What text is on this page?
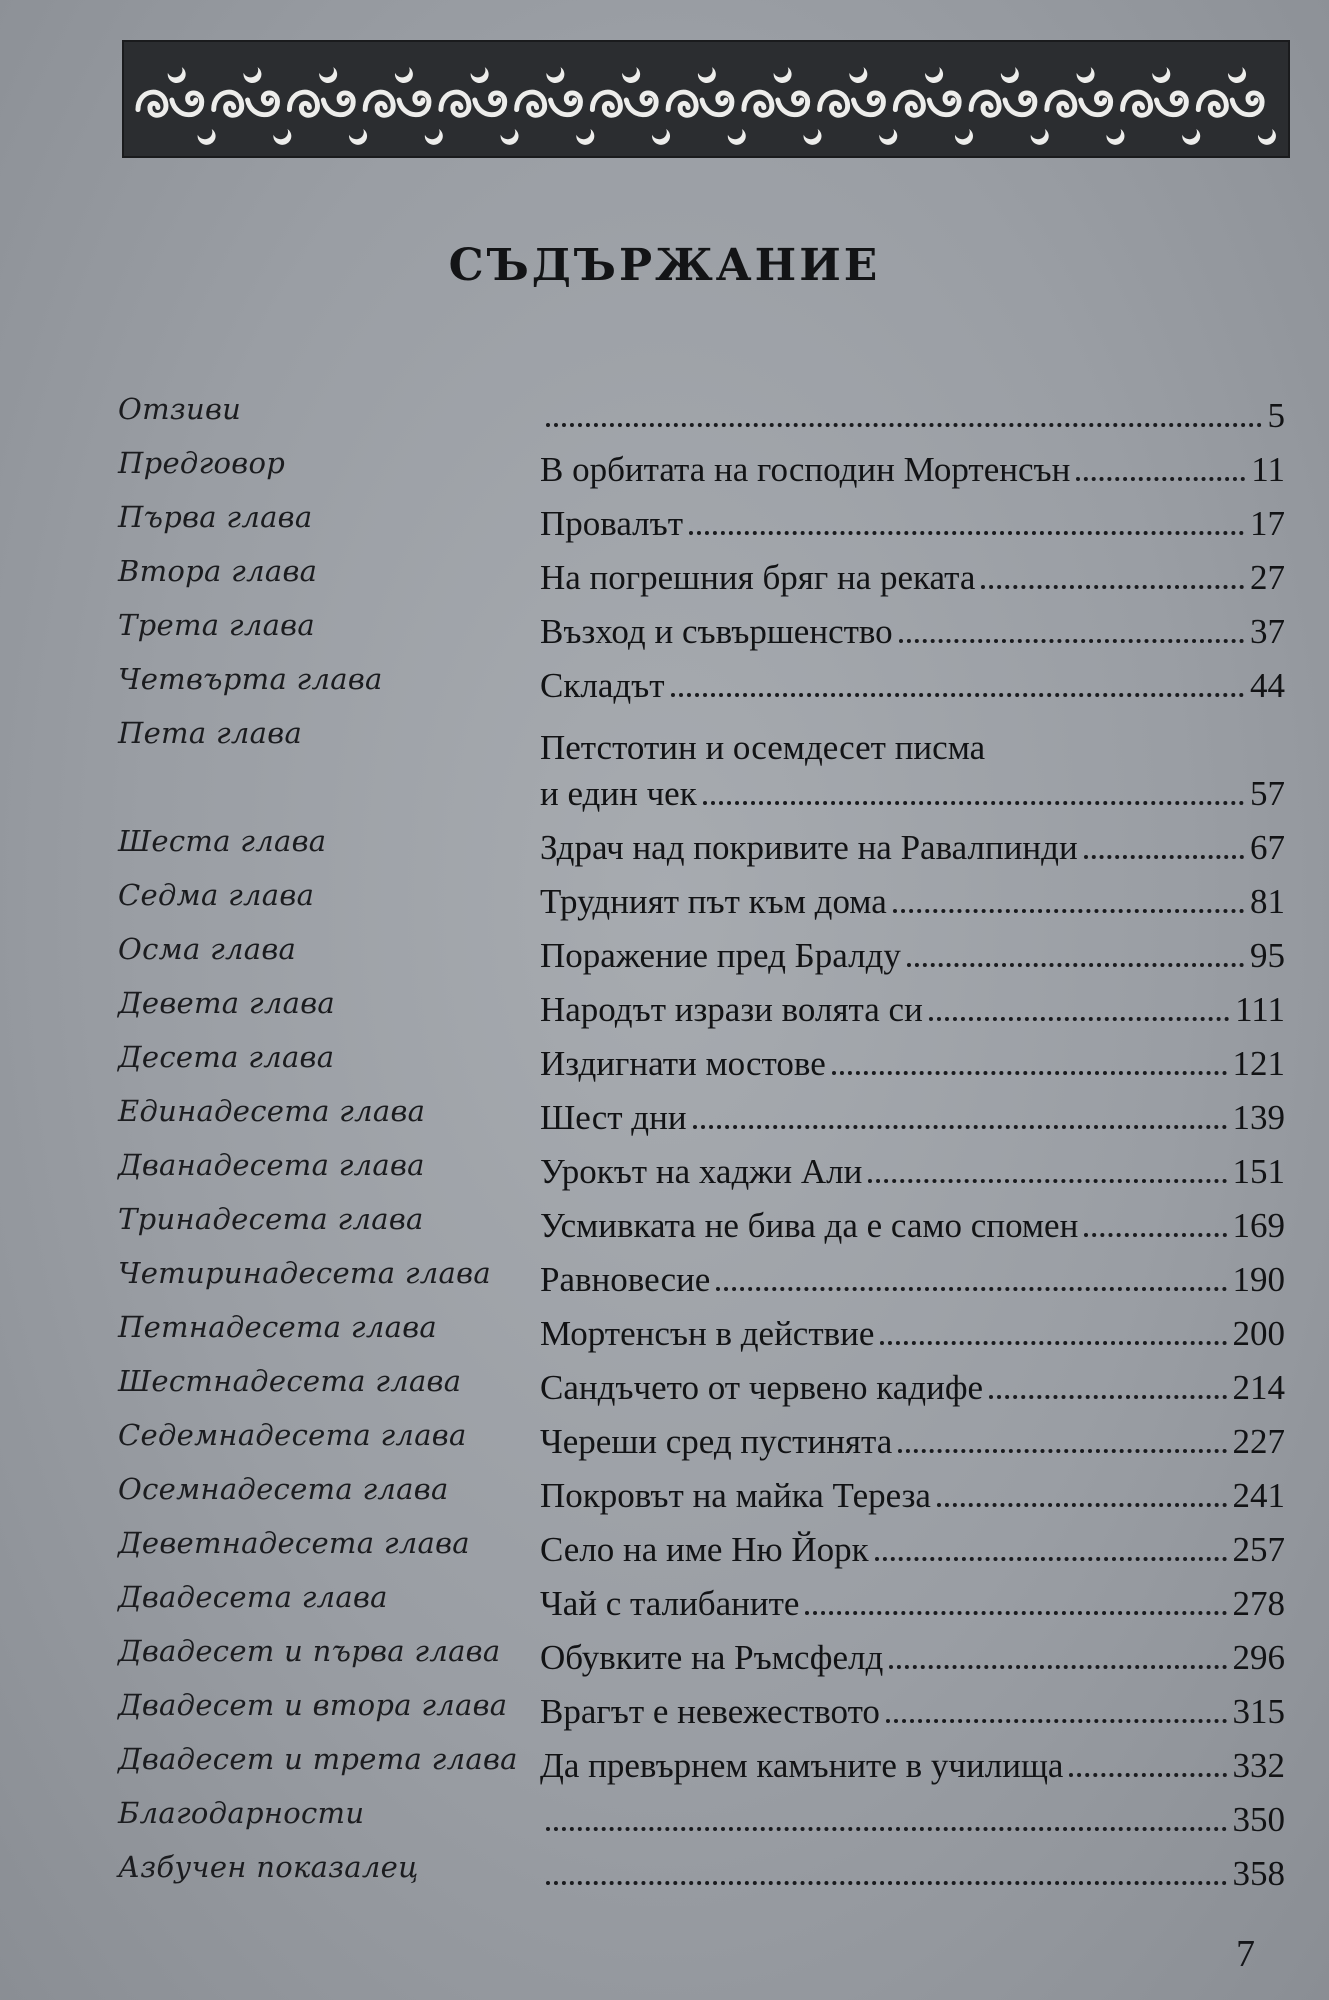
СЪДЪРЖАНИЕ
Отзиви	5
Предговор	В орбитата на господин Мортенсън	11
Първа глава	Провалът	17
Втора глава	На погрешния бряг на реката	27
Трета глава	Възход и съвършенство	37
Четвърта глава	Складът	44
Пета глава	Петстотин и осемдесет писма
и един чек	57
Шеста глава	Здрач над покривите на Равалпинди	67
Седма глава	Трудният път към дома	81
Осма глава	Поражение пред Бралду	95
Девета глава	Народът изрази волята си	111
Десета глава	Издигнати мостове	121
Единадесета глава	Шест дни	139
Дванадесета глава	Урокът на хаджи Али	151
Тринадесета глава	Усмивката не бива да е само спомен	169
Четиринадесета глава Равновесие	190
Петнадесета глава	Мортенсън в действие	200
Шестнадесета глава Сандъчето от червено кадифе	214
Седемнадесета глава Череши сред пустинята	227
Осемнадесета глава	Покровът на майка Тереза	241
Деветнадесета глава Село на име Ню Йорк	257
Двадесета глава	Чай с талибаните	278
Двадесет и първа глава Обувките на Ръмсфелд	296
Двадесет и втора глава Врагът е невежеството	315
Двадесет и трета глава Да превърнем камъните в училища	332
Благодарности	350
Азбучен показалец	358
7
